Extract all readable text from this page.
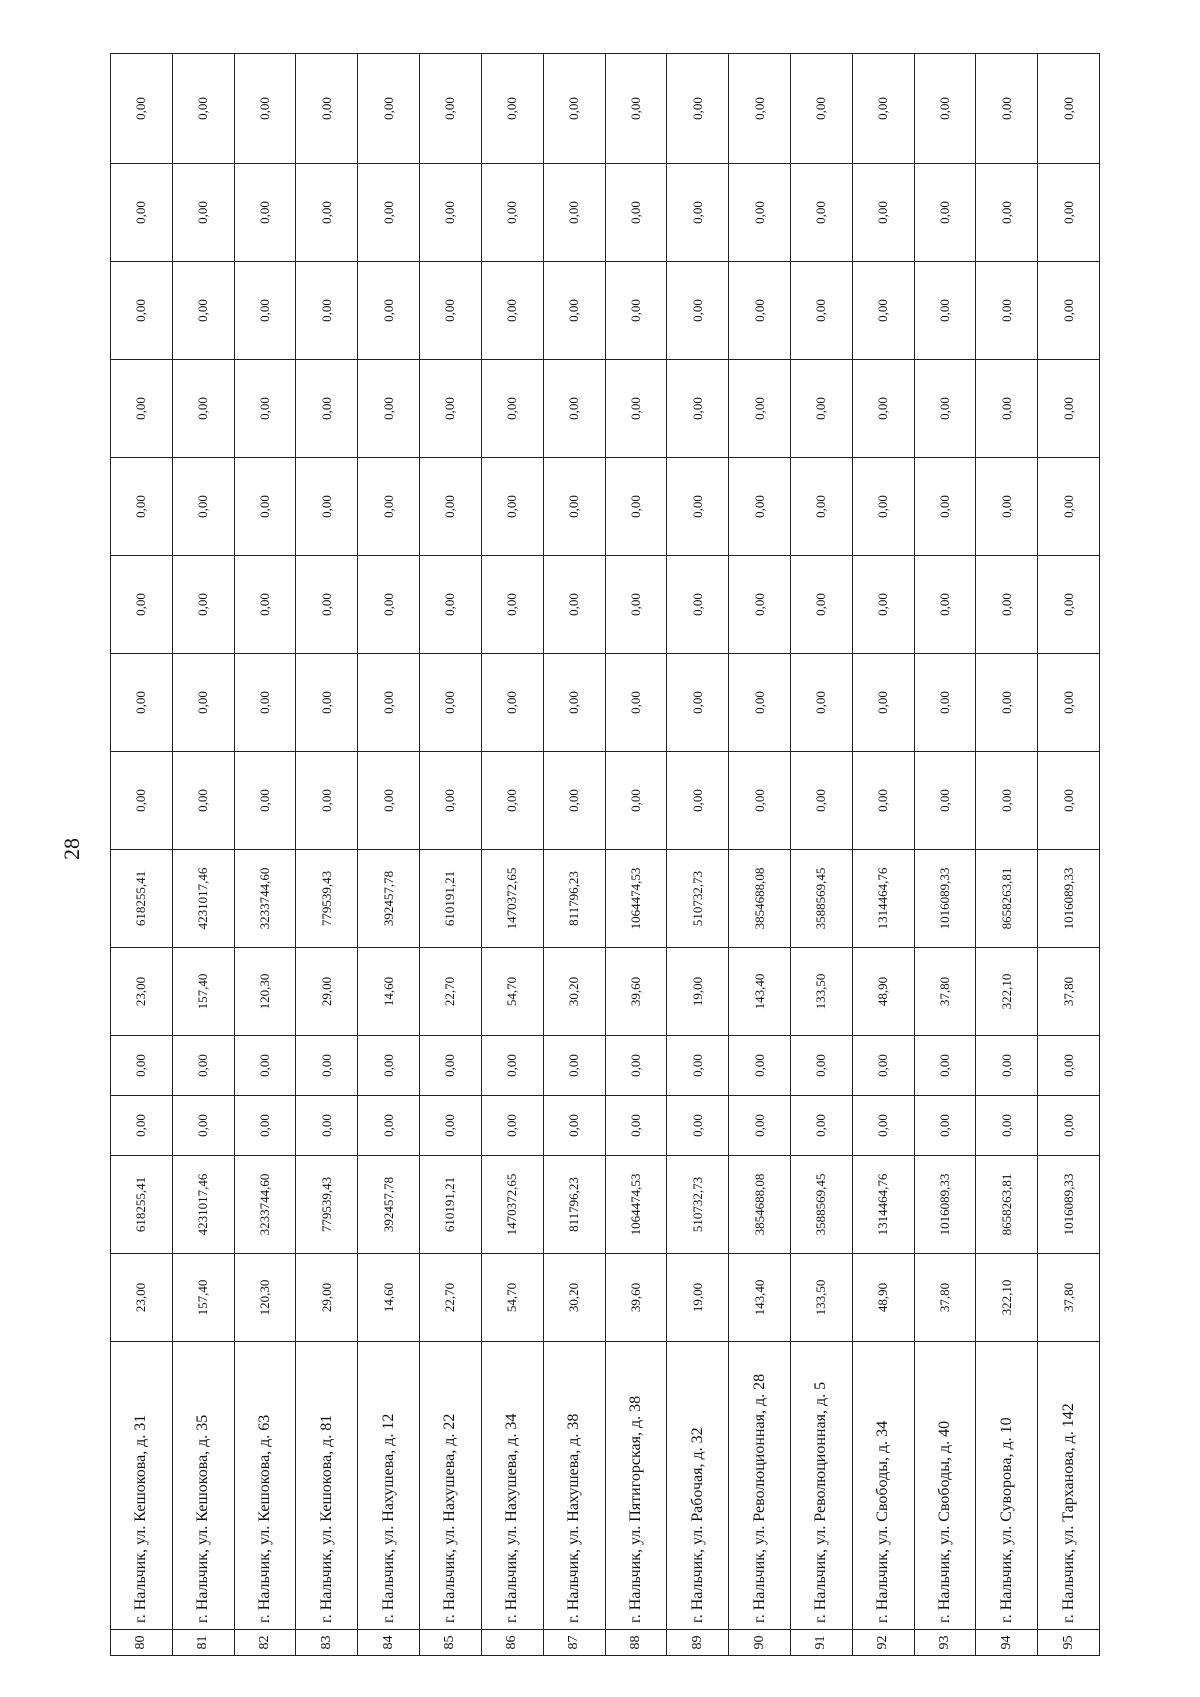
28
80	г. Нальчик, ул. Кешокова, д. 31	23,00	618255,41	0,00	0,00	23,00	618255,41	0,00	0,00	0,00	0,00	0,00	0,00	0,00	0,00
81	г. Нальчик, ул. Кешокова, д. 35	157,40	4231017,46	0,00	0,00	157,40	4231017,46	0,00	0,00	0,00	0,00	0,00	0,00	0,00	0,00
82	г. Нальчик, ул. Кешокова, д. 63	120,30	3233744,60	0,00	0,00	120,30	3233744,60	0,00	0,00	0,00	0,00	0,00	0,00	0,00	0,00
83	г. Нальчик, ул. Кешокова, д. 81	29,00	779539,43	0,00	0,00	29,00	779539,43	0,00	0,00	0,00	0,00	0,00	0,00	0,00	0,00
84	г. Нальчик, ул. Нахушева, д. 12	14,60	392457,78	0,00	0,00	14,60	392457,78	0,00	0,00	0,00	0,00	0,00	0,00	0,00	0,00
85	г. Нальчик, ул. Нахушева, д. 22	22,70	610191,21	0,00	0,00	22,70	610191,21	0,00	0,00	0,00	0,00	0,00	0,00	0,00	0,00
86	г. Нальчик, ул. Нахушева, д. 34	54,70	1470372,65	0,00	0,00	54,70	1470372,65	0,00	0,00	0,00	0,00	0,00	0,00	0,00	0,00
87	г. Нальчик, ул. Нахушева, д. 38	30,20	811796,23	0,00	0,00	30,20	811796,23	0,00	0,00	0,00	0,00	0,00	0,00	0,00	0,00
88	г. Нальчик, ул. Пятигорская, д. 38	39,60	1064474,53	0,00	0,00	39,60	1064474,53	0,00	0,00	0,00	0,00	0,00	0,00	0,00	0,00
89	г. Нальчик, ул. Рабочая, д. 32	19,00	510732,73	0,00	0,00	19,00	510732,73	0,00	0,00	0,00	0,00	0,00	0,00	0,00	0,00
90	г. Нальчик, ул. Революционная, д. 28	143,40	3854688,08	0,00	0,00	143,40	3854688,08	0,00	0,00	0,00	0,00	0,00	0,00	0,00	0,00
91	г. Нальчик, ул. Революционная, д. 5	133,50	3588569,45	0,00	0,00	133,50	3588569,45	0,00	0,00	0,00	0,00	0,00	0,00	0,00	0,00
92	г. Нальчик, ул. Свободы, д. 34	48,90	1314464,76	0,00	0,00	48,90	1314464,76	0,00	0,00	0,00	0,00	0,00	0,00	0,00	0,00
93	г. Нальчик, ул. Свободы, д. 40	37,80	1016089,33	0,00	0,00	37,80	1016089,33	0,00	0,00	0,00	0,00	0,00	0,00	0,00	0,00
94	г. Нальчик, ул. Суворова, д. 10	322,10	8658263,81	0,00	0,00	322,10	8658263,81	0,00	0,00	0,00	0,00	0,00	0,00	0,00	0,00
95	г. Нальчик, ул. Тарханова, д. 142	37,80	1016089,33	0,00	0,00	37,80	1016089,33	0,00	0,00	0,00	0,00	0,00	0,00	0,00	0,00
